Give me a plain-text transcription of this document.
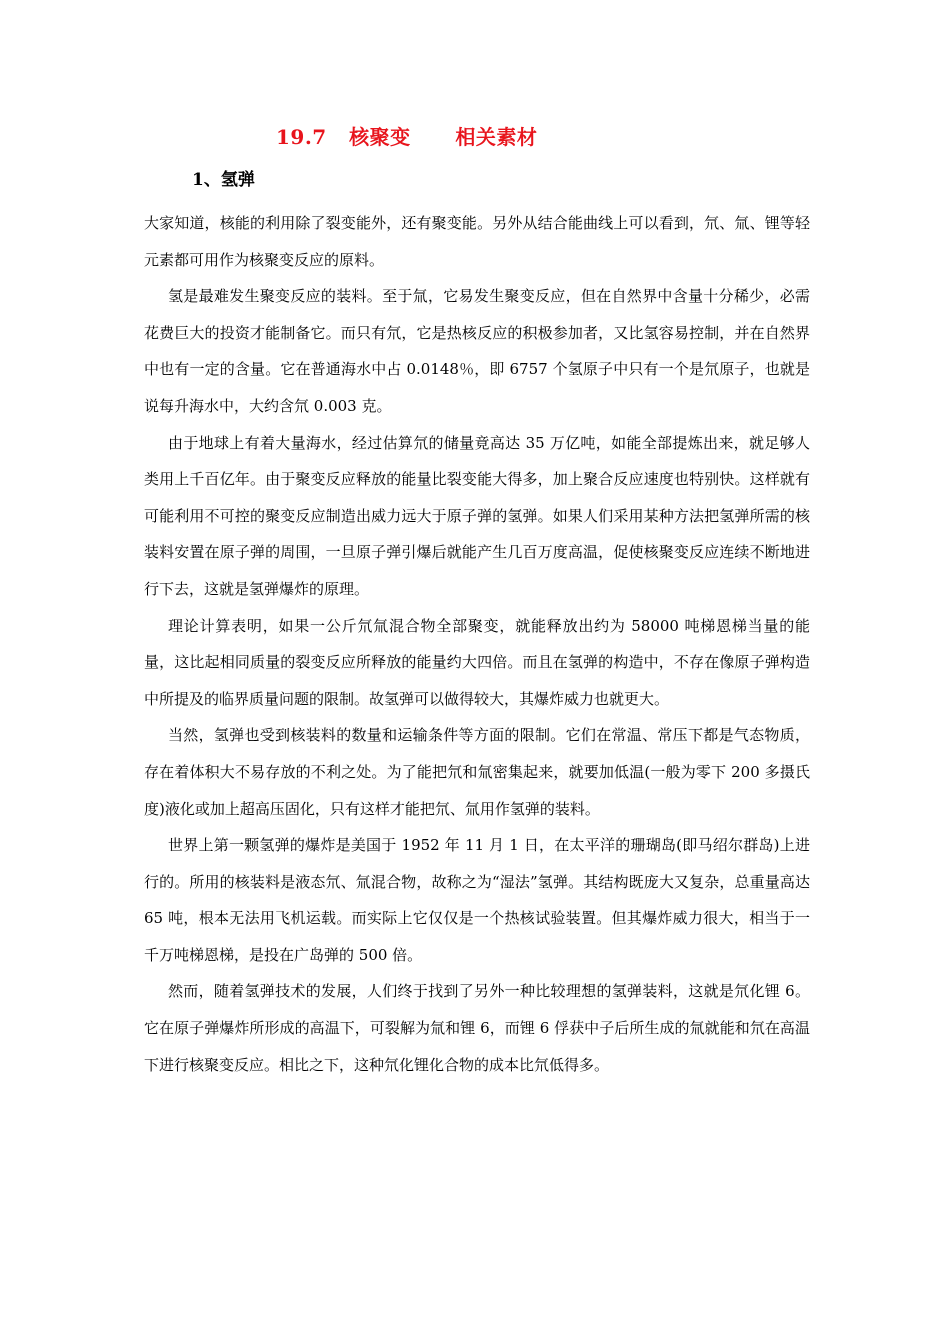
19.7   核聚变      相关素材
1、氢弹

大家知道，核能的利用除了裂变能外，还有聚变能。另外从结合能曲线上可以看到，氘、氚、锂等轻元素都可用作为核聚变反应的原料。

氢是最难发生聚变反应的装料。至于氚，它易发生聚变反应，但在自然界中含量十分稀少，必需花费巨大的投资才能制备它。而只有氘，它是热核反应的积极参加者，又比氢容易控制，并在自然界中也有一定的含量。它在普通海水中占 0.0148％，即 6757 个氢原子中只有一个是氘原子，也就是说每升海水中，大约含氘 0.003 克。

由于地球上有着大量海水，经过估算氘的储量竟高达 35 万亿吨，如能全部提炼出来，就足够人类用上千百亿年。由于聚变反应释放的能量比裂变能大得多，加上聚合反应速度也特别快。这样就有可能利用不可控的聚变反应制造出威力远大于原子弹的氢弹。如果人们采用某种方法把氢弹所需的核装料安置在原子弹的周围，一旦原子弹引爆后就能产生几百万度高温，促使核聚变反应连续不断地进行下去，这就是氢弹爆炸的原理。

理论计算表明，如果一公斤氘氚混合物全部聚变，就能释放出约为 58000 吨梯恩梯当量的能量，这比起相同质量的裂变反应所释放的能量约大四倍。而且在氢弹的构造中，不存在像原子弹构造中所提及的临界质量问题的限制。故氢弹可以做得较大，其爆炸威力也就更大。

当然，氢弹也受到核装料的数量和运输条件等方面的限制。它们在常温、常压下都是气态物质，存在着体积大不易存放的不利之处。为了能把氘和氚密集起来，就要加低温(一般为零下 200 多摄氏度)液化或加上超高压固化，只有这样才能把氘、氚用作氢弹的装料。

世界上第一颗氢弹的爆炸是美国于 1952 年 11 月 1 日，在太平洋的珊瑚岛(即马绍尔群岛)上进行的。所用的核装料是液态氘、氚混合物，故称之为“湿法”氢弹。其结构既庞大又复杂，总重量高达 65 吨，根本无法用飞机运载。而实际上它仅仅是一个热核试验装置。但其爆炸威力很大，相当于一千万吨梯恩梯，是投在广岛弹的 500 倍。

然而，随着氢弹技术的发展，人们终于找到了另外一种比较理想的氢弹装料，这就是氘化锂 6。它在原子弹爆炸所形成的高温下，可裂解为氚和锂 6，而锂 6 俘获中子后所生成的氚就能和氘在高温下进行核聚变反应。相比之下，这种氘化锂化合物的成本比氘低得多。
